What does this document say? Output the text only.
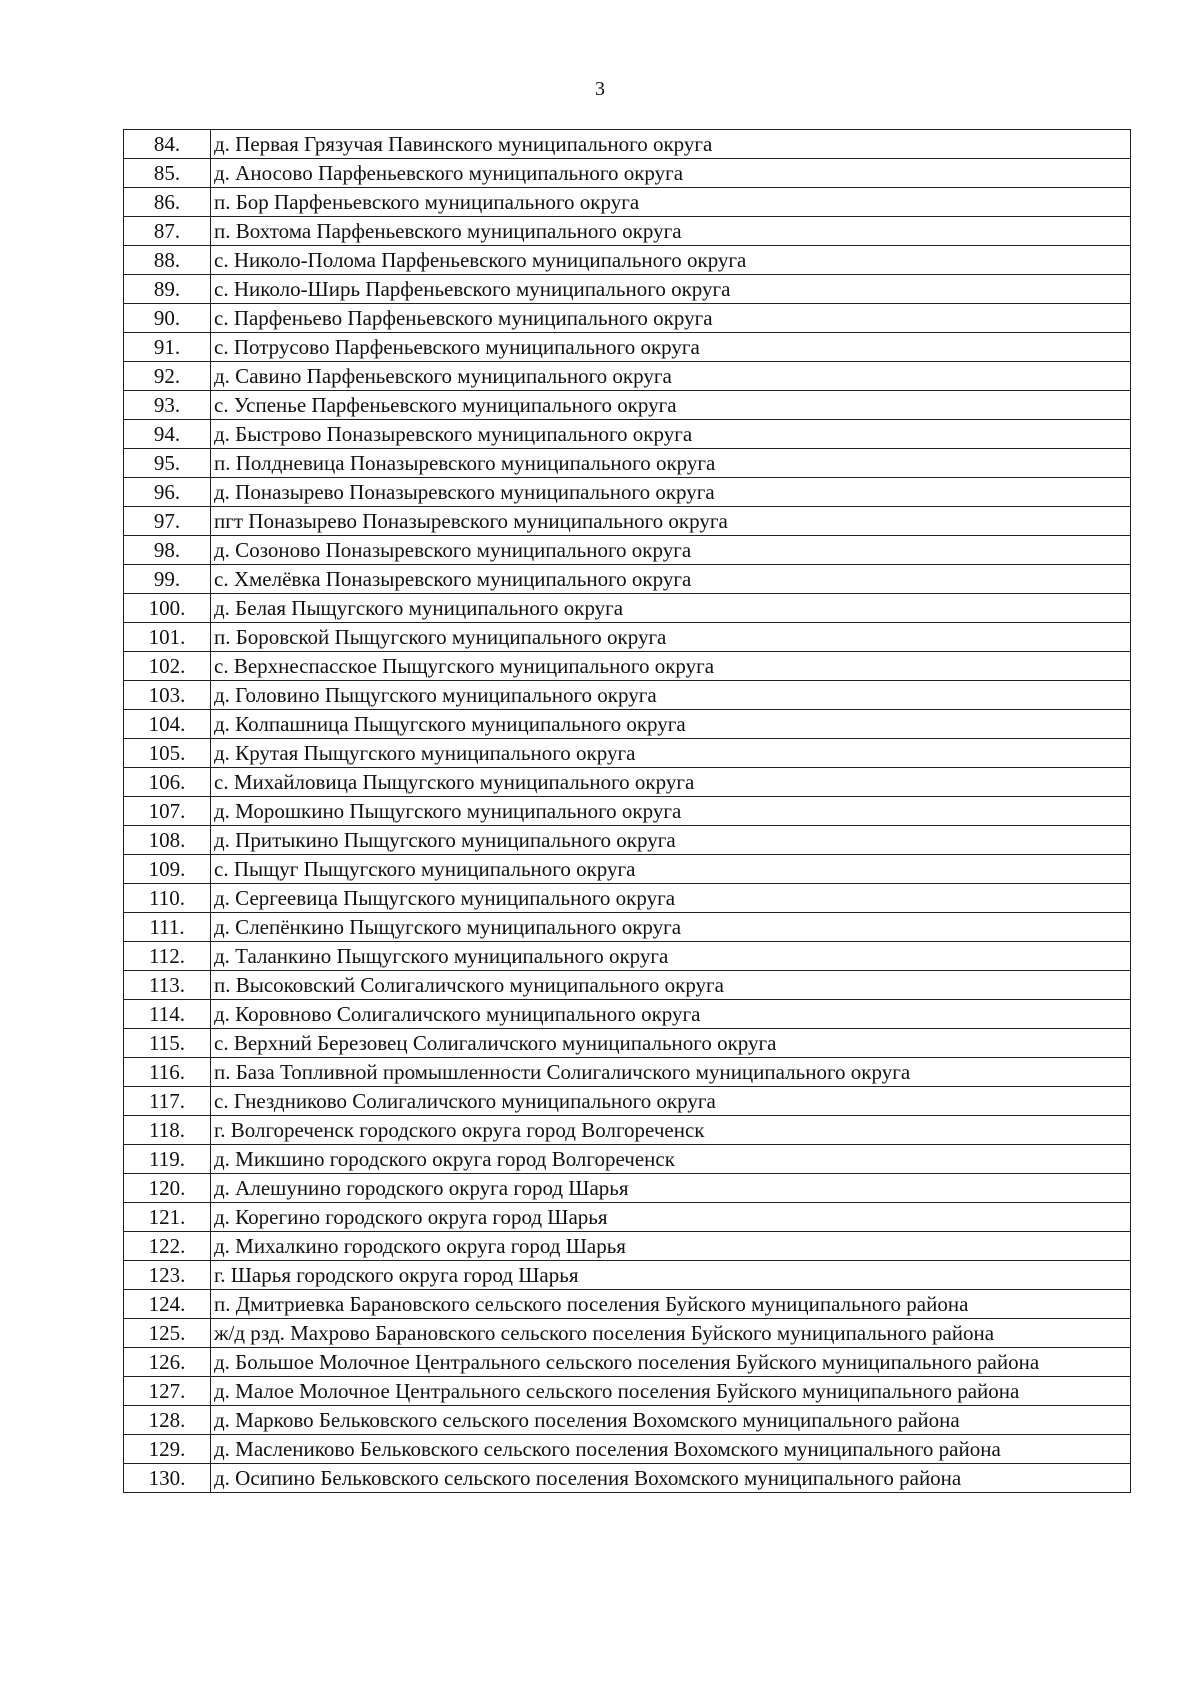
3
84.	д. Первая Грязучая Павинского муниципального округа
85.	д. Аносово Парфеньевского муниципального округа
86.	п. Бор Парфеньевского муниципального округа
87.	п. Вохтома Парфеньевского муниципального округа
88.	с. Николо-Полома Парфеньевского муниципального округа
89.	с. Николо-Ширь Парфеньевского муниципального округа
90.	с. Парфеньево Парфеньевского муниципального округа
91.	с. Потрусово Парфеньевского муниципального округа
92.	д. Савино Парфеньевского муниципального округа
93.	с. Успенье Парфеньевского муниципального округа
94.	д. Быстрово Поназыревского муниципального округа
95.	п. Полдневица Поназыревского муниципального округа
96.	д. Поназырево Поназыревского муниципального округа
97.	пгт Поназырево Поназыревского муниципального округа
98.	д. Созоново Поназыревского муниципального округа
99.	с. Хмелёвка Поназыревского муниципального округа
100.	д. Белая Пыщугского муниципального округа
101.	п. Боровской Пыщугского муниципального округа
102.	с. Верхнеспасское Пыщугского муниципального округа
103.	д. Головино Пыщугского муниципального округа
104.	д. Колпашница Пыщугского муниципального округа
105.	д. Крутая Пыщугского муниципального округа
106.	с. Михайловица Пыщугского муниципального округа
107.	д. Морошкино Пыщугского муниципального округа
108.	д. Притыкино Пыщугского муниципального округа
109.	с. Пыщуг Пыщугского муниципального округа
110.	д. Сергеевица Пыщугского муниципального округа
111.	д. Слепёнкино Пыщугского муниципального округа
112.	д. Таланкино Пыщугского муниципального округа
113.	п. Высоковский Солигаличского муниципального округа
114.	д. Коровново Солигаличского муниципального округа
115.	с. Верхний Березовец Солигаличского муниципального округа
116.	п. База Топливной промышленности Солигаличского муниципального округа
117.	с. Гнездниково Солигаличского муниципального округа
118.	г. Волгореченск городского округа город Волгореченск
119.	д. Микшино городского округа город Волгореченск
120.	д. Алешунино городского округа город Шарья
121.	д. Корегино городского округа город Шарья
122.	д. Михалкино городского округа город Шарья
123.	г. Шарья городского округа город Шарья
124.	п. Дмитриевка Барановского сельского поселения Буйского муниципального района
125.	ж/д рзд. Махрово Барановского сельского поселения Буйского муниципального района
126.	д. Большое Молочное Центрального сельского поселения Буйского муниципального района
127.	д. Малое Молочное Центрального сельского поселения Буйского муниципального района
128.	д. Марково Бельковского сельского поселения Вохомского муниципального района
129.	д. Маслениково Бельковского сельского поселения Вохомского муниципального района
130.	д. Осипино Бельковского сельского поселения Вохомского муниципального района
